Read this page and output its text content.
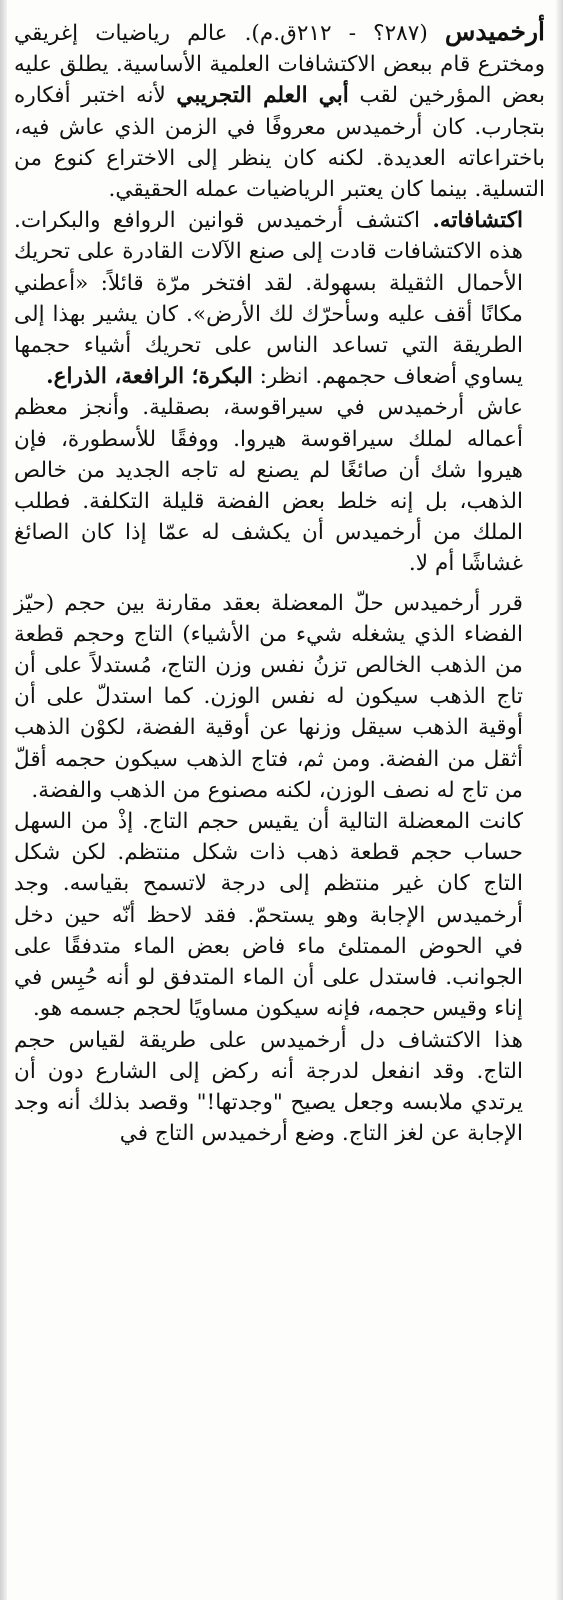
أرخميدس (٢٨٧؟ - ٢١٢ق.م). عالم رياضيات إغريقي ومخترع قام ببعض الاكتشافات العلمية الأساسية. يطلق عليه بعض المؤرخين لقب أبي العلم التجريبي لأنه اختبر أفكاره بتجارب. كان أرخميدس معروفًا في الزمن الذي عاش فيه، باختراعاته العديدة. لكنه كان ينظر إلى الاختراع كنوع من التسلية. بينما كان يعتبر الرياضيات عمله الحقيقي.

اكتشافاته. اكتشف أرخميدس قوانين الروافع والبكرات. هذه الاكتشافات قادت إلى صنع الآلات القادرة على تحريك الأحمال الثقيلة بسهولة. لقد افتخر مرّة قائلاً: «أعطني مكانًا أقف عليه وسأحرّك لك الأرض». كان يشير بهذا إلى الطريقة التي تساعد الناس على تحريك أشياء حجمها يساوي أضعاف حجمهم. انظر: البكرة؛ الرافعة، الذراع.

عاش أرخميدس في سيراقوسة، بصقلية. وأنجز معظم أعماله لملك سيراقوسة هيروا. ووفقًا للأسطورة، فإن هيروا شك أن صائغًا لم يصنع له تاجه الجديد من خالص الذهب، بل إنه خلط بعض الفضة قليلة التكلفة. فطلب الملك من أرخميدس أن يكشف له عمّا إذا كان الصائغ غشاشًا أم لا.

قرر أرخميدس حلّ المعضلة بعقد مقارنة بين حجم (حيّز الفضاء الذي يشغله شيء من الأشياء) التاج وحجم قطعة من الذهب الخالص تزنُ نفس وزن التاج، مُستدلاً على أن تاج الذهب سيكون له نفس الوزن. كما استدلّ على أن أوقية الذهب سيقل وزنها عن أوقية الفضة، لكوْن الذهب أثقل من الفضة. ومن ثم، فتاج الذهب سيكون حجمه أقلّ من تاج له نصف الوزن، لكنه مصنوع من الذهب والفضة.

كانت المعضلة التالية أن يقيس حجم التاج. إذْ من السهل حساب حجم قطعة ذهب ذات شكل منتظم. لكن شكل التاج كان غير منتظم إلى درجة لاتسمح بقياسه. وجد أرخميدس الإجابة وهو يستحمّ. فقد لاحظ أنّه حين دخل في الحوض الممتلئ ماء فاض بعض الماء متدفقًا على الجوانب. فاستدل على أن الماء المتدفق لو أنه حُبِس في إناء وقيس حجمه، فإنه سيكون مساويًا لحجم جسمه هو.

هذا الاكتشاف دل أرخميدس على طريقة لقياس حجم التاج. وقد انفعل لدرجة أنه ركض إلى الشارع دون أن يرتدي ملابسه وجعل يصيح "وجدتها!" وقصد بذلك أنه وجد الإجابة عن لغز التاج. وضع أرخميدس التاج في
